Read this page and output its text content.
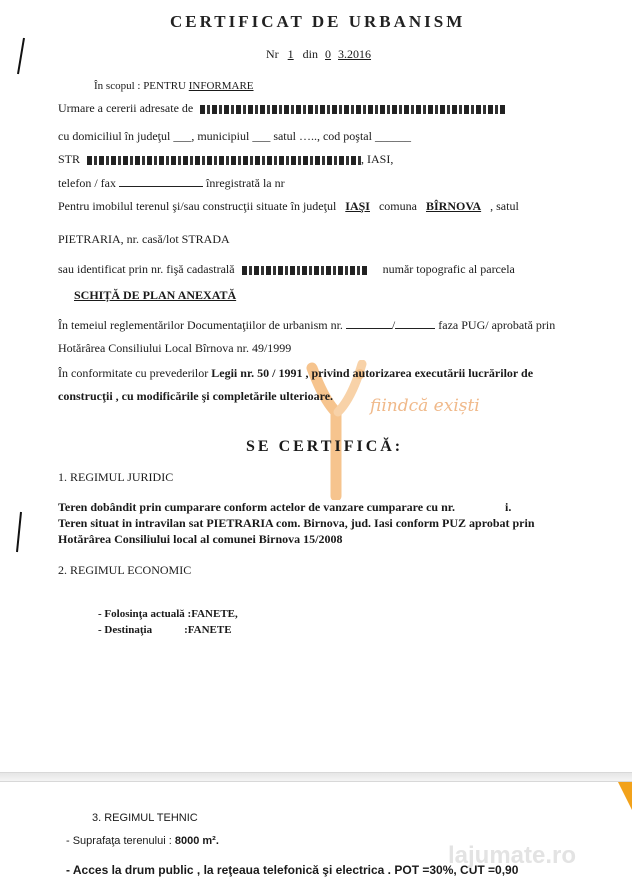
fiindcă exiști
CERTIFICAT DE URBANISM
Nr 1 din 0 3.2016
În scopul : PENTRU INFORMARE
Urmare a cererii adresate de
cu domiciliul în judeţul ___, municipiul ___ satul ….., cod poştal ______
STR	, IASI,
telefon / fax	înregistrată la nr
Pentru imobilul terenul şi/sau construcţii situate în judeţul IAŞI comuna BÎRNOVA , satul
PIETRARIA, nr. casă/lot STRADA
sau identificat prin nr. fişă cadastrală	număr topografic al parcela
SCHIȚĂ DE PLAN ANEXATĂ
În temeiul reglementărilor Documentaţiilor de urbanism nr.	/	faza PUG/ aprobată prin
Hotărârea Consiliului Local Bîrnova nr. 49/1999
În conformitate cu prevederilor Legii nr. 50 / 1991 , privind autorizarea executării lucrărilor de
construcţii , cu modificările şi completările ulterioare.
SE CERTIFICĂ:
1. REGIMUL JURIDIC
Teren dobândit prin cumparare conform actelor de vanzare cumparare cu nr.	i.
Teren situat in intravilan sat PIETRARIA com. Birnova, jud. Iasi conform PUZ aprobat prin
Hotărârea Consiliului local al comunei Birnova 15/2008
2. REGIMUL ECONOMIC
- Folosinţa actuală :FANETE,
- Destinaţia	:FANETE
3. REGIMUL TEHNIC
- Suprafaţa terenului : 8000 m².
- Acces la drum public , la reţeaua telefonică şi electrica . POT =30%, CUT =0,90
lajumate.ro
